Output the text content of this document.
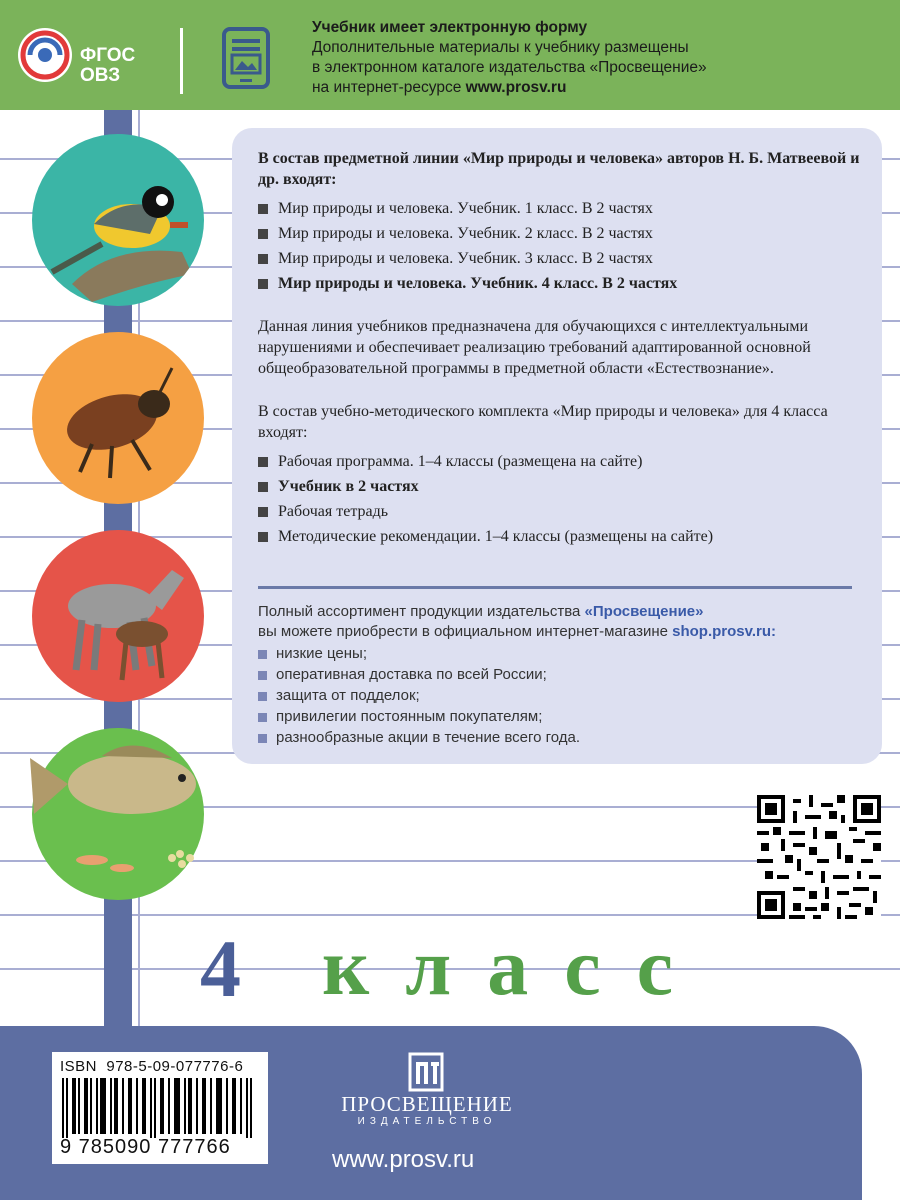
ФГОС
ОВЗ
Учебник имеет электронную форму
Дополнительные материалы к учебнику размещены
в электронном каталоге издательства «Просвещение»
на интернет-ресурсе www.prosv.ru

В состав предметной линии «Мир природы и человека» авторов Н. Б. Матвеевой и др. входят:

Мир природы и человека. Учебник. 1 класс. В 2 частях
Мир природы и человека. Учебник. 2 класс. В 2 частях
Мир природы и человека. Учебник. 3 класс. В 2 частях
Мир природы и человека. Учебник. 4 класс. В 2 частях

Данная линия учебников предназначена для обучающихся с интеллектуальными нарушениями и обеспечивает реализацию требований адаптированной основной общеобразовательной программы в предметной области «Естествознание».

В состав учебно-методического комплекта «Мир природы и человека» для 4 класса входят:

Рабочая программа. 1–4 классы (размещена на сайте)
Учебник в 2 частях
Рабочая тетрадь
Методические рекомендации. 1–4 классы (размещены на сайте)
Полный ассортимент продукции издательства «Просвещение»
вы можете приобрести в официальном интернет-магазине shop.prosv.ru:
низкие цены;
оперативная доставка по всей России;
защита от подделок;
привилегии постоянным покупателям;
разнообразные акции в течение всего года.
4 класс
ISBN 978-5-09-077776-6
9 785090 777766
ПРОСВЕЩЕНИЕ
ИЗДАТЕЛЬСТВО
www.prosv.ru
